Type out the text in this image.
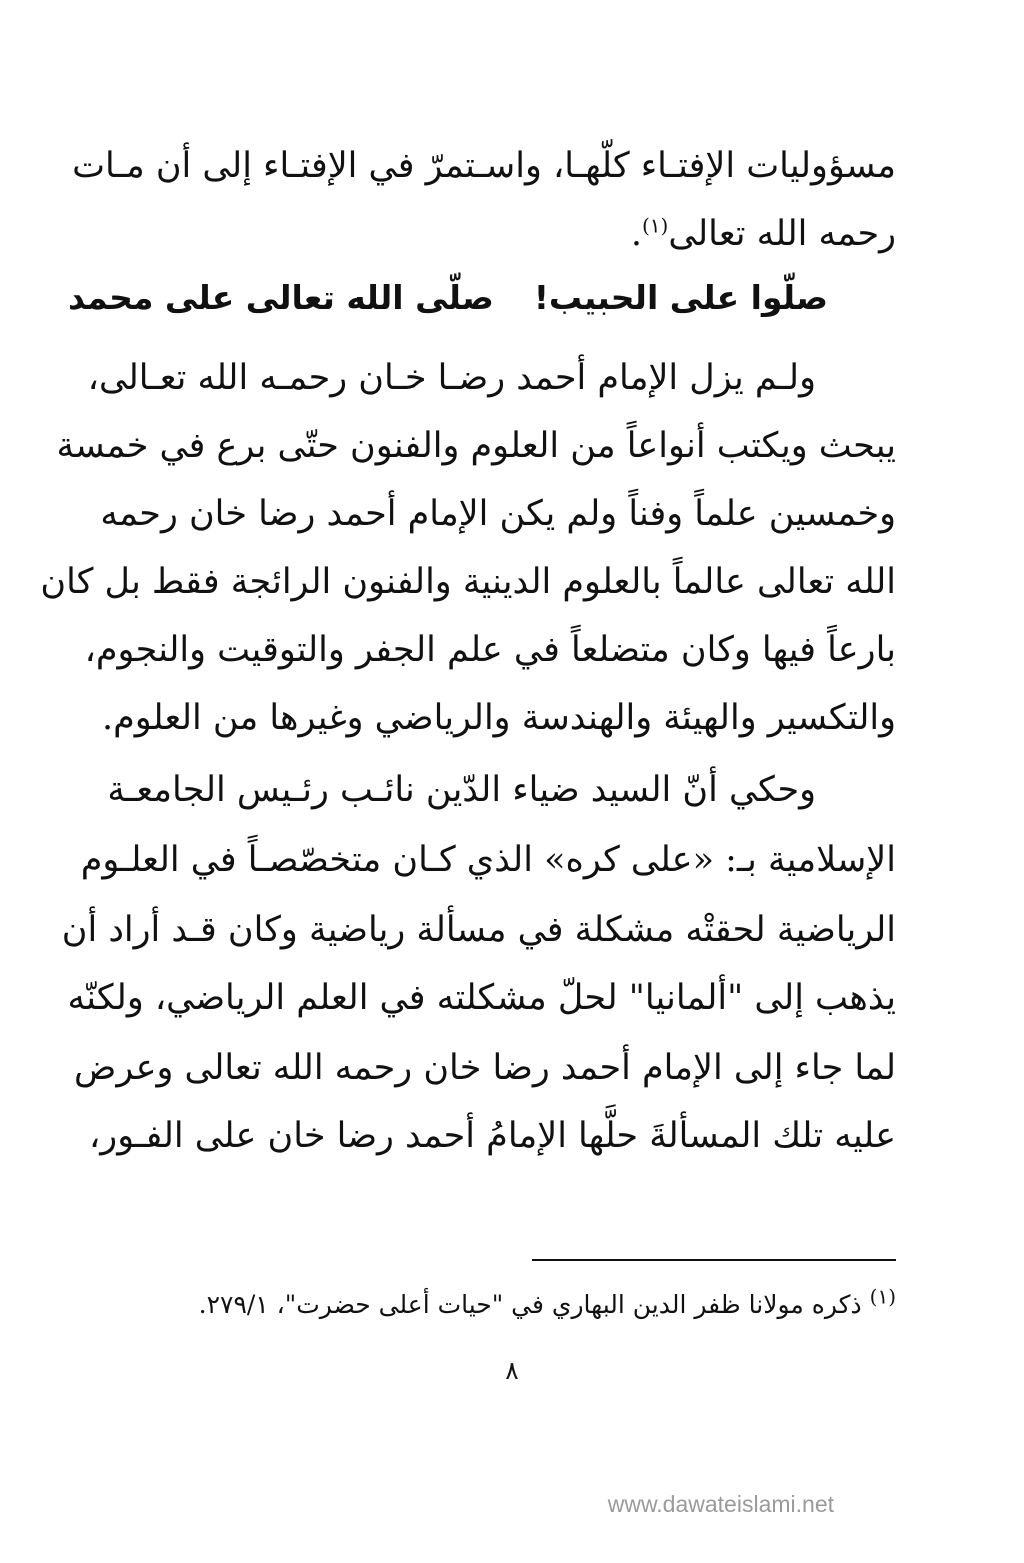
مسؤوليات الإفتـاء كلّهـا، واسـتمرّ في الإفتـاء إلى أن مـات
رحمه الله تعالى$^{(١)}$.
صلّوا على الحبيب!صلّى الله تعالى على محمد
ولـم يزل الإمام أحمد رضـا خـان رحمـه الله تعـالى،
يبحث ويكتب أنواعاً من العلوم والفنون حتّى برع في خمسة
وخمسين علماً وفناً ولم يكن الإمام أحمد رضا خان رحمه
الله تعالى عالماً بالعلوم الدينية والفنون الرائجة فقط بل كان
بارعاً فيها وكان متضلعاً في علم الجفر والتوقيت والنجوم،
والتكسير والهيئة والهندسة والرياضي وغيرها من العلوم.
وحكي أنّ السيد ضياء الدّين نائـب رئـيس الجامعـة
الإسلامية بـ: «على كره» الذي كـان متخصّصـاً في العلـوم
الرياضية لحقتْه مشكلة في مسألة رياضية وكان قـد أراد أن
يذهب إلى "ألمانيا" لحلّ مشكلته في العلم الرياضي، ولكنّه
لما جاء إلى الإمام أحمد رضا خان رحمه الله تعالى وعرض
عليه تلك المسألةَ حلَّها الإمامُ أحمد رضا خان على الفـور،
$^{(١)}$ ذكره مولانا ظفر الدين البهاري في "حيات أعلى حضرت"، ٢٧٩/١.
٨
www.dawateislami.net
